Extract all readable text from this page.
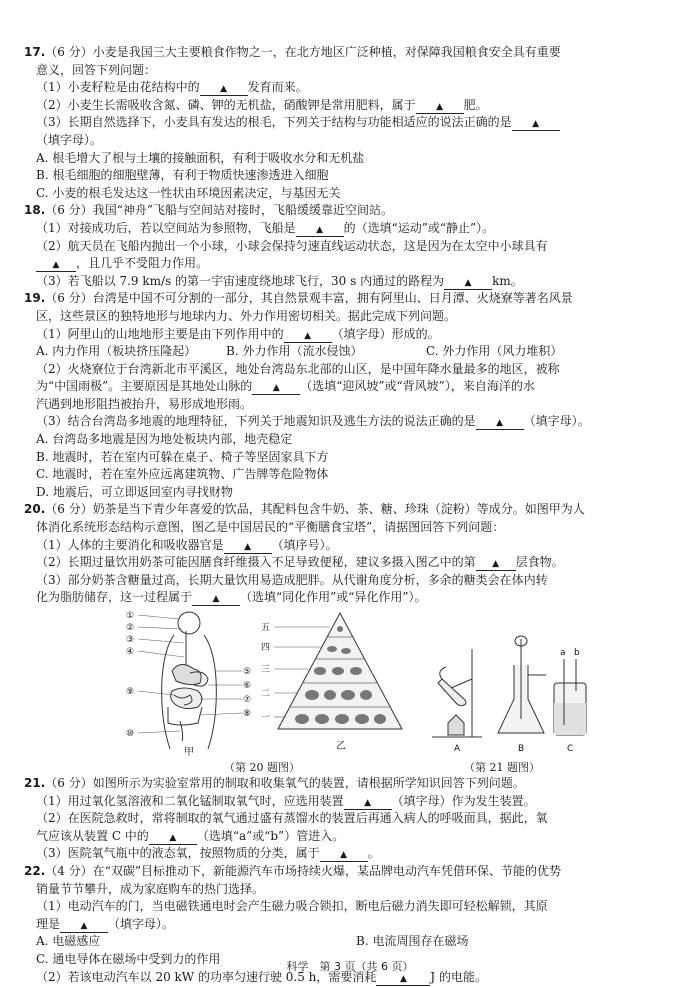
17.（6 分）小麦是我国三大主要粮食作物之一，在北方地区广泛种植，对保障我国粮食安全具有重要
意义，回答下列问题：
（1）小麦籽粒是由花结构中的 ▲ 发育而来。
（2）小麦生长需吸收含氮、磷、钾的无机盐，硝酸钾是常用肥料，属于 ▲ 肥。
（3）长期自然选择下，小麦具有发达的根毛，下列关于结构与功能相适应的说法正确的是 ▲
（填字母）。
A. 根毛增大了根与土壤的接触面积，有利于吸收水分和无机盐
B. 根毛细胞的细胞壁薄，有利于物质快速渗透进入细胞
C. 小麦的根毛发达这一性状由环境因素决定，与基因无关
18.（6 分）我国“神舟”飞船与空间站对接时，飞船缓缓靠近空间站。
（1）对接成功后，若以空间站为参照物，飞船是 ▲ 的（选填“运动”或“静止”）。
（2）航天员在飞船内抛出一个小球，小球会保持匀速直线运动状态，这是因为在太空中小球具有
▲ ，且几乎不受阻力作用。
（3）若飞船以 7.9 km/s 的第一宇宙速度绕地球飞行，30 s 内通过的路程为 ▲ km。
19.（6 分）台湾是中国不可分割的一部分，其自然景观丰富，拥有阿里山、日月潭、火烧寮等著名风景
区，这些景区的独特地形与地球内力、外力作用密切相关。据此完成下列问题。
（1）阿里山的山地地形主要是由下列作用中的 ▲ （填字母）形成的。
A. 内力作用（板块挤压隆起） B. 外力作用（流水侵蚀）	C. 外力作用（风力堆积）
（2）火烧寮位于台湾新北市平溪区，地处台湾岛东北部的山区，是中国年降水量最多的地区，被称
为“中国雨极”。主要原因是其地处山脉的 ▲ （选填“迎风坡”或“背风坡”），来自海洋的水
汽遇到地形阻挡被抬升，易形成地形雨。
（3）结合台湾岛多地震的地理特征，下列关于地震知识及逃生方法的说法正确的是 ▲ （填字母）。
A. 台湾岛多地震是因为地处板块内部，地壳稳定
B. 地震时，若在室内可躲在桌子、椅子等坚固家具下方
C. 地震时，若在室外应远离建筑物、广告牌等危险物体
D. 地震后，可立即返回室内寻找财物
20.（6 分）奶茶是当下青少年喜爱的饮品，其配料包含牛奶、茶、糖、珍珠（淀粉）等成分。如图甲为人
体消化系统形态结构示意图，图乙是中国居民的“平衡膳食宝塔”，请据图回答下列问题：
（1）人体的主要消化和吸收器官是 ▲ （填序号）。
（2）长期过量饮用奶茶可能因膳食纤维摄入不足导致便秘，建议多摄入图乙中的第 ▲ 层食物。
（3）部分奶茶含糖量过高，长期大量饮用易造成肥胖。从代谢角度分析，多余的糖类会在体内转
化为脂肪储存，这一过程属于 ▲ （选填“同化作用”或“异化作用”）。
①
②
③
④
⑨
⑩
⑤
⑥
⑦
⑧
甲
五
四
三
二
一
乙	A	B	C
a b
（第 20 题图）	（第 21 题图）
21.（6 分）如图所示为实验室常用的制取和收集氧气的装置，请根据所学知识回答下列问题。
（1）用过氧化氢溶液和二氧化锰制取氧气时，应选用装置 ▲ （填字母）作为发生装置。
（2）在医院急救时，常将制取的氧气通过盛有蒸馏水的装置后再通入病人的呼吸面具，据此，氧
气应该从装置 C 中的 ▲ （选填“a”或“b”）管进入。
（3）医院氧气瓶中的液态氧，按照物质的分类，属于 ▲ 。
22.（4 分）在“双碳”目标推动下，新能源汽车市场持续火爆，某品牌电动汽车凭借环保、节能的优势
销量节节攀升，成为家庭购车的热门选择。
（1）电动汽车的门，当电磁铁通电时会产生磁力吸合锁扣，断电后磁力消失即可轻松解锁，其原
理是 ▲ （填字母）。
A. 电磁感应	B. 电流周围存在磁场
C. 通电导体在磁场中受到力的作用
（2）若该电动汽车以 20 kW 的功率匀速行驶 0.5 h，需要消耗	▲ J 的电能。
科学　第 3 页（共 6 页）
